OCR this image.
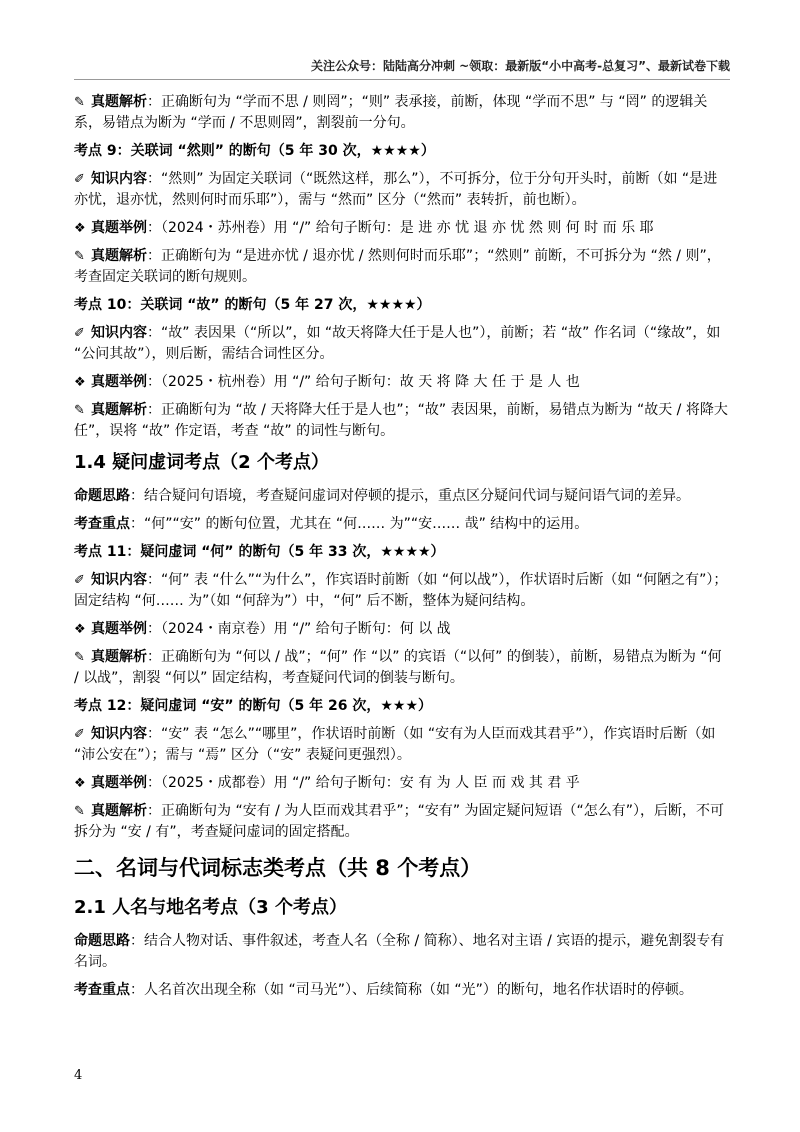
关注公众号：陆陆高分冲刺 ~领取：最新版“小中高考-总复习”、最新试卷下载

✎ 真题解析：正确断句为 “学而不思 / 则罔”；“则” 表承接，前断，体现 “学而不思” 与 “罔” 的逻辑关系，易错点为断为 “学而 / 不思则罔”，割裂前一分句。

考点 9：关联词 “然则” 的断句（5 年 30 次，★★★★）

✐ 知识内容：“然则” 为固定关联词（“既然这样，那么”），不可拆分，位于分句开头时，前断（如 “是进亦忧，退亦忧，然则何时而乐耶”），需与 “然而” 区分（“然而” 表转折，前也断）。

❖ 真题举例：（2024・苏州卷）用 “/” 给句子断句：是 进 亦 忧 退 亦 忧 然 则 何 时 而 乐 耶

✎ 真题解析：正确断句为 “是进亦忧 / 退亦忧 / 然则何时而乐耶”；“然则” 前断，不可拆分为 “然 / 则”，考查固定关联词的断句规则。

考点 10：关联词 “故” 的断句（5 年 27 次，★★★★）

✐ 知识内容：“故” 表因果（“所以”，如 “故天将降大任于是人也”），前断；若 “故” 作名词（“缘故”，如 “公问其故”），则后断，需结合词性区分。

❖ 真题举例：（2025・杭州卷）用 “/” 给句子断句：故 天 将 降 大 任 于 是 人 也

✎ 真题解析：正确断句为 “故 / 天将降大任于是人也”；“故” 表因果，前断，易错点为断为 “故天 / 将降大任”，误将 “故” 作定语，考查 “故” 的词性与断句。

1.4 疑问虚词考点（2 个考点）

命题思路：结合疑问句语境，考查疑问虚词对停顿的提示，重点区分疑问代词与疑问语气词的差异。

考查重点：“何”“安” 的断句位置，尤其在 “何…… 为”“安…… 哉” 结构中的运用。

考点 11：疑问虚词 “何” 的断句（5 年 33 次，★★★★）

✐ 知识内容：“何” 表 “什么”“为什么”，作宾语时前断（如 “何以战”），作状语时后断（如 “何陋之有”）；固定结构 “何…… 为”（如 “何辞为”）中，“何” 后不断，整体为疑问结构。

❖ 真题举例：（2024・南京卷）用 “/” 给句子断句：何 以 战

✎ 真题解析：正确断句为 “何以 / 战”；“何” 作 “以” 的宾语（“以何” 的倒装），前断，易错点为断为 “何 / 以战”，割裂 “何以” 固定结构，考查疑问代词的倒装与断句。

考点 12：疑问虚词 “安” 的断句（5 年 26 次，★★★）

✐ 知识内容：“安” 表 “怎么”“哪里”，作状语时前断（如 “安有为人臣而戏其君乎”），作宾语时后断（如 “沛公安在”）；需与 “焉” 区分（“安” 表疑问更强烈）。

❖ 真题举例：（2025・成都卷）用 “/” 给句子断句：安 有 为 人 臣 而 戏 其 君 乎

✎ 真题解析：正确断句为 “安有 / 为人臣而戏其君乎”；“安有” 为固定疑问短语（“怎么有”），后断，不可拆分为 “安 / 有”，考查疑问虚词的固定搭配。

二、名词与代词标志类考点（共 8 个考点）

2.1 人名与地名考点（3 个考点）

命题思路：结合人物对话、事件叙述，考查人名（全称 / 简称）、地名对主语 / 宾语的提示，避免割裂专有名词。

考查重点：人名首次出现全称（如 “司马光”）、后续简称（如 “光”）的断句，地名作状语时的停顿。

4
